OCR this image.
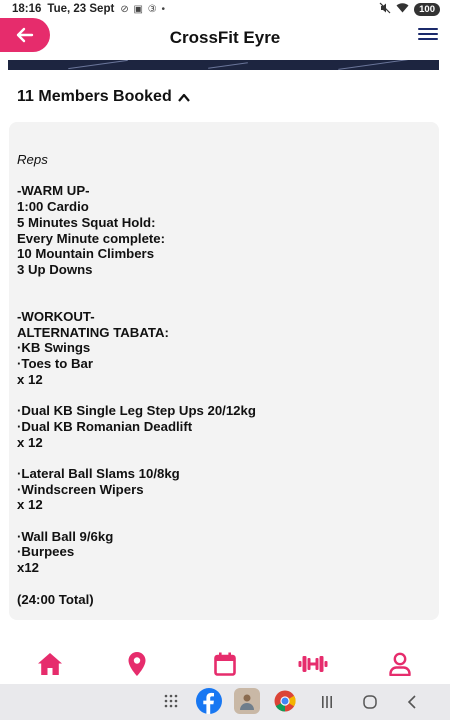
18:16 Tue, 23 Sept ⊘ ▣ ③ •	100
CrossFit Eyre
11 Members Booked
Reps
-WARM UP-
1:00 Cardio
5 Minutes Squat Hold:
Every Minute complete:
10 Mountain Climbers
3 Up Downs
-WORKOUT-
ALTERNATING TABATA:
·KB Swings
·Toes to Bar
x 12
·Dual KB Single Leg Step Ups 20/12kg
·Dual KB Romanian Deadlift
x 12
·Lateral Ball Slams 10/8kg
·Windscreen Wipers
x 12
·Wall Ball 9/6kg
·Burpees
x12
(24:00 Total)
